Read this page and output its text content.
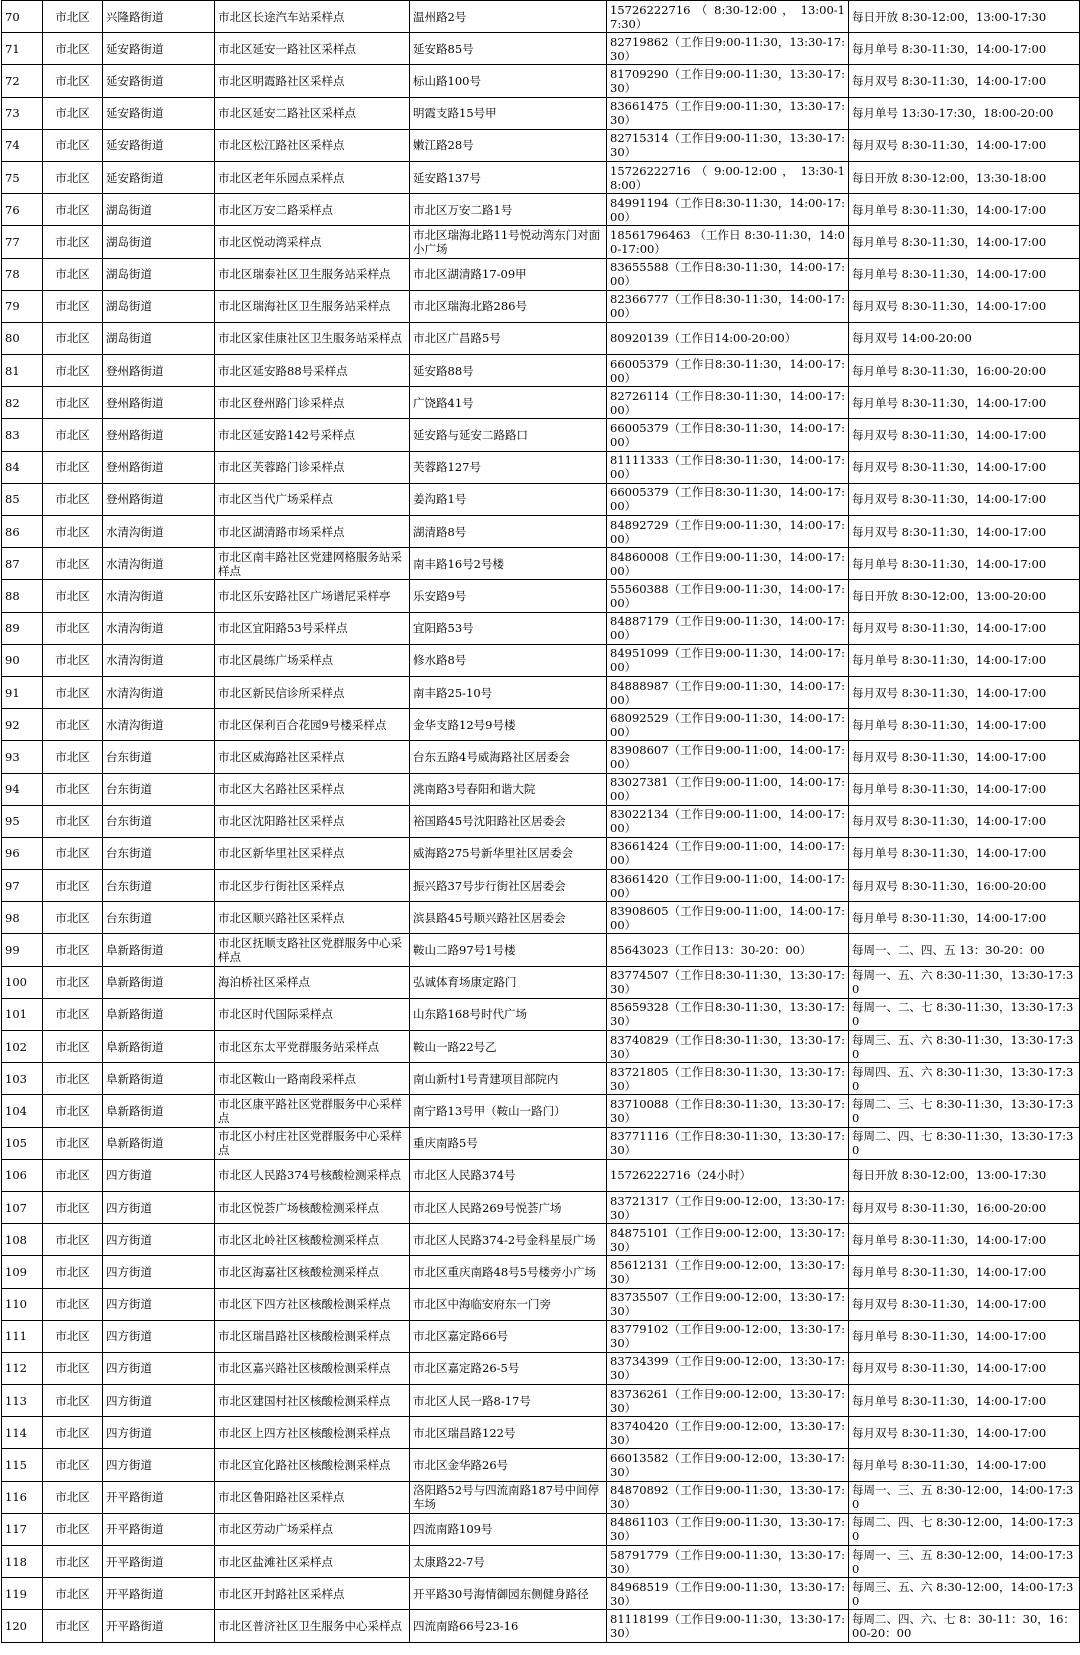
70	市北区	兴隆路街道	市北区长途汽车站采样点	温州路2号	15726222716 （ 8:30-12:00 ， 13:00-17:30）	每日开放 8:30-12:00，13:00-17:30
71	市北区	延安路街道	市北区延安一路社区采样点	延安路85号	82719862（工作日9:00-11:30，13:30-17:30）	每月单号 8:30-11:30，14:00-17:00
72	市北区	延安路街道	市北区明霞路社区采样点	标山路100号	81709290（工作日9:00-11:30，13:30-17:30）	每月双号 8:30-11:30，14:00-17:00
73	市北区	延安路街道	市北区延安二路社区采样点	明霞支路15号甲	83661475（工作日9:00-11:30，13:30-17:30）	每月单号 13:30-17:30，18:00-20:00
74	市北区	延安路街道	市北区松江路社区采样点	嫩江路28号	82715314（工作日9:00-11:30，13:30-17:30）	每月双号 8:30-11:30，14:00-17:00
75	市北区	延安路街道	市北区老年乐园点采样点	延安路137号	15726222716 （ 9:00-12:00 ， 13:30-18:00）	每日开放 8:30-12:00，13:30-18:00
76	市北区	湖岛街道	市北区万安二路采样点	市北区万安二路1号	84991194（工作日8:30-11:30，14:00-17:00）	每月单号 8:30-11:30，14:00-17:00
77	市北区	湖岛街道	市北区悦动湾采样点	市北区瑞海北路11号悦动湾东门对面小广场	18561796463 （工作日 8:30-11:30，14:00-17:00）	每月单号 8:30-11:30，14:00-17:00
78	市北区	湖岛街道	市北区瑞泰社区卫生服务站采样点	市北区湖清路17-09甲	83655588（工作日8:30-11:30，14:00-17:00）	每月单号 8:30-11:30，14:00-17:00
79	市北区	湖岛街道	市北区瑞海社区卫生服务站采样点	市北区瑞海北路286号	82366777（工作日8:30-11:30，14:00-17:00）	每月双号 8:30-11:30，14:00-17:00
80	市北区	湖岛街道	市北区家佳康社区卫生服务站采样点	市北区广昌路5号	80920139（工作日14:00-20:00）	每月双号 14:00-20:00
81	市北区	登州路街道	市北区延安路88号采样点	延安路88号	66005379（工作日8:30-11:30，14:00-17:00）	每月单号 8:30-11:30，16:00-20:00
82	市北区	登州路街道	市北区登州路门诊采样点	广饶路41号	82726114（工作日8:30-11:30，14:00-17:00）	每月单号 8:30-11:30，14:00-17:00
83	市北区	登州路街道	市北区延安路142号采样点	延安路与延安二路路口	66005379（工作日8:30-11:30，14:00-17:00）	每月双号 8:30-11:30，14:00-17:00
84	市北区	登州路街道	市北区芙蓉路门诊采样点	芙蓉路127号	81111333（工作日8:30-11:30，14:00-17:00）	每月双号 8:30-11:30，14:00-17:00
85	市北区	登州路街道	市北区当代广场采样点	姜沟路1号	66005379（工作日8:30-11:30，14:00-17:00）	每月双号 8:30-11:30，14:00-17:00
86	市北区	水清沟街道	市北区湖清路市场采样点	湖清路8号	84892729（工作日9:00-11:30，14:00-17:00）	每月双号 8:30-11:30，14:00-17:00
87	市北区	水清沟街道	市北区南丰路社区党建网格服务站采样点	南丰路16号2号楼	84860008（工作日9:00-11:30，14:00-17:00）	每月单号 8:30-11:30，14:00-17:00
88	市北区	水清沟街道	市北区乐安路社区广场谱尼采样亭	乐安路9号	55560388（工作日9:00-11:30，14:00-17:00）	每日开放 8:30-12:00，13:00-20:00
89	市北区	水清沟街道	市北区宜阳路53号采样点	宜阳路53号	84887179（工作日9:00-11:30，14:00-17:00）	每月双号 8:30-11:30，14:00-17:00
90	市北区	水清沟街道	市北区晨练广场采样点	修水路8号	84951099（工作日9:00-11:30，14:00-17:00）	每月单号 8:30-11:30，14:00-17:00
91	市北区	水清沟街道	市北区新民信诊所采样点	南丰路25-10号	84888987（工作日9:00-11:30，14:00-17:00）	每月双号 8:30-11:30，14:00-17:00
92	市北区	水清沟街道	市北区保利百合花园9号楼采样点	金华支路12号9号楼	68092529（工作日9:00-11:30，14:00-17:00）	每月单号 8:30-11:30，14:00-17:00
93	市北区	台东街道	市北区威海路社区采样点	台东五路4号威海路社区居委会	83908607（工作日9:00-11:00，14:00-17:00）	每月双号 8:30-11:30，14:00-17:00
94	市北区	台东街道	市北区大名路社区采样点	洮南路3号春阳和谐大院	83027381（工作日9:00-11:00，14:00-17:00）	每月单号 8:30-11:30，14:00-17:00
95	市北区	台东街道	市北区沈阳路社区采样点	裕国路45号沈阳路社区居委会	83022134（工作日9:00-11:00，14:00-17:00）	每月双号 8:30-11:30，14:00-17:00
96	市北区	台东街道	市北区新华里社区采样点	威海路275号新华里社区居委会	83661424（工作日9:00-11:00，14:00-17:00）	每月单号 8:30-11:30，14:00-17:00
97	市北区	台东街道	市北区步行街社区采样点	振兴路37号步行街社区居委会	83661420（工作日9:00-11:00，14:00-17:00）	每月双号 8:30-11:30，16:00-20:00
98	市北区	台东街道	市北区顺兴路社区采样点	滨县路45号顺兴路社区居委会	83908605（工作日9:00-11:00，14:00-17:00）	每月单号 8:30-11:30，14:00-17:00
99	市北区	阜新路街道	市北区抚顺支路社区党群服务中心采样点	鞍山二路97号1号楼	85643023（工作日13：30-20：00）	每周一、二、四、五 13：30-20：00
100	市北区	阜新路街道	海泊桥社区采样点	弘诚体育场康定路门	83774507（工作日8:30-11:30，13:30-17:30）	每周一、五、六 8:30-11:30，13:30-17:30
101	市北区	阜新路街道	市北区时代国际采样点	山东路168号时代广场	85659328（工作日8:30-11:30，13:30-17:30）	每周一、二、七 8:30-11:30，13:30-17:30
102	市北区	阜新路街道	市北区东太平党群服务站采样点	鞍山一路22号乙	83740829（工作日8:30-11:30，13:30-17:30）	每周三、五、六 8:30-11:30，13:30-17:30
103	市北区	阜新路街道	市北区鞍山一路南段采样点	南山新村1号青建项目部院内	83721805（工作日8:30-11:30，13:30-17:30）	每周四、五、六 8:30-11:30，13:30-17:30
104	市北区	阜新路街道	市北区康平路社区党群服务中心采样点	南宁路13号甲（鞍山一路门）	83710088（工作日8:30-11:30，13:30-17:30）	每周二、三、七 8:30-11:30，13:30-17:30
105	市北区	阜新路街道	市北区小村庄社区党群服务中心采样点	重庆南路5号	83771116（工作日8:30-11:30，13:30-17:30）	每周二、四、七 8:30-11:30，13:30-17:30
106	市北区	四方街道	市北区人民路374号核酸检测采样点	市北区人民路374号	15726222716（24小时）	每日开放 8:30-12:00，13:00-17:30
107	市北区	四方街道	市北区悦荟广场核酸检测采样点	市北区人民路269号悦荟广场	83721317（工作日9:00-12:00，13:30-17:30）	每月双号 8:30-11:30，16:00-20:00
108	市北区	四方街道	市北区北岭社区核酸检测采样点	市北区人民路374-2号金科星辰广场	84875101（工作日9:00-12:00，13:30-17:30）	每月单号 8:30-11:30，14:00-17:00
109	市北区	四方街道	市北区海嘉社区核酸检测采样点	市北区重庆南路48号5号楼旁小广场	85612131（工作日9:00-12:00，13:30-17:30）	每月单号 8:30-11:30，14:00-17:00
110	市北区	四方街道	市北区下四方社区核酸检测采样点	市北区中海临安府东一门旁	83735507（工作日9:00-12:00，13:30-17:30）	每月双号 8:30-11:30，14:00-17:00
111	市北区	四方街道	市北区瑞昌路社区核酸检测采样点	市北区嘉定路66号	83779102（工作日9:00-12:00，13:30-17:30）	每月单号 8:30-11:30，14:00-17:00
112	市北区	四方街道	市北区嘉兴路社区核酸检测采样点	市北区嘉定路26-5号	83734399（工作日9:00-12:00，13:30-17:30）	每月双号 8:30-11:30，14:00-17:00
113	市北区	四方街道	市北区建国村社区核酸检测采样点	市北区人民一路8-17号	83736261（工作日9:00-12:00，13:30-17:30）	每月单号 8:30-11:30，14:00-17:00
114	市北区	四方街道	市北区上四方社区核酸检测采样点	市北区瑞昌路122号	83740420（工作日9:00-12:00，13:30-17:30）	每月双号 8:30-11:30，14:00-17:00
115	市北区	四方街道	市北区宜化路社区核酸检测采样点	市北区金华路26号	66013582（工作日9:00-12:00，13:30-17:30）	每月单号 8:30-11:30，14:00-17:00
116	市北区	开平路街道	市北区鲁阳路社区采样点	洛阳路52号与四流南路187号中间停车场	84870892（工作日9:00-11:30，13:30-17:30）	每周一、三、五 8:30-12:00，14:00-17:30
117	市北区	开平路街道	市北区劳动广场采样点	四流南路109号	84861103（工作日9:00-11:30，13:30-17:30）	每周二、四、七 8:30-12:00，14:00-17:30
118	市北区	开平路街道	市北区盐滩社区采样点	太康路22-7号	58791779（工作日9:00-11:30，13:30-17:30）	每周一、三、五 8:30-12:00，14:00-17:30
119	市北区	开平路街道	市北区开封路社区采样点	开平路30号海情御园东侧健身路径	84968519（工作日9:00-11:30，13:30-17:30）	每周三、五、六 8:30-12:00，14:00-17:30
120	市北区	开平路街道	市北区普济社区卫生服务中心采样点	四流南路66号23-16	81118199（工作日9:00-11:30，13:30-17:30）	每周二、四、六、七 8：30-11：30，16：00-20：00
